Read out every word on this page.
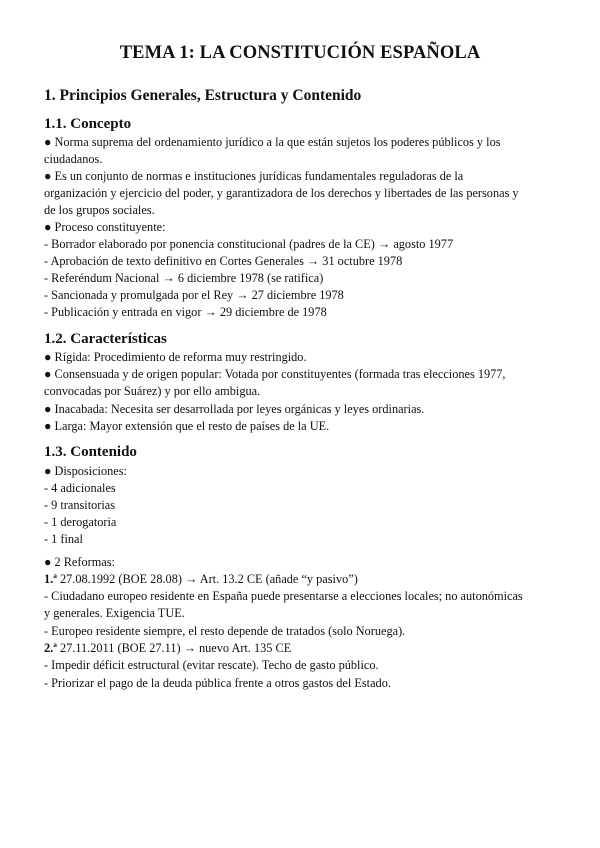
TEMA 1: LA CONSTITUCIÓN ESPAÑOLA
1. Principios Generales, Estructura y Contenido
1.1. Concepto

● Norma suprema del ordenamiento jurídico a la que están sujetos los poderes públicos y los

ciudadanos.

● Es un conjunto de normas e instituciones jurídicas fundamentales reguladoras de la

organización y ejercicio del poder, y garantizadora de los derechos y libertades de las personas y

de los grupos sociales.

● Proceso constituyente:

- Borrador elaborado por ponencia constitucional (padres de la CE) → agosto 1977

- Aprobación de texto definitivo en Cortes Generales → 31 octubre 1978

- Referéndum Nacional → 6 diciembre 1978 (se ratifica)

- Sancionada y promulgada por el Rey → 27 diciembre 1978

- Publicación y entrada en vigor → 29 diciembre de 1978

1.2. Características

● Rígida: Procedimiento de reforma muy restringido.

● Consensuada y de origen popular: Votada por constituyentes (formada tras elecciones 1977,

convocadas por Suárez) y por ello ambigua.

● Inacabada: Necesita ser desarrollada por leyes orgánicas y leyes ordinarias.

● Larga: Mayor extensión que el resto de países de la UE.

1.3. Contenido

● Disposiciones:

- 4 adicionales

- 9 transitorias

- 1 derogatoria

- 1 final

● 2 Reformas:

1.ª 27.08.1992 (BOE 28.08) → Art. 13.2 CE (añade “y pasivo”)

- Ciudadano europeo residente en España puede presentarse a elecciones locales; no autonómicas

y generales. Exigencia TUE.

- Europeo residente siempre, el resto depende de tratados (solo Noruega).

2.ª 27.11.2011 (BOE 27.11) → nuevo Art. 135 CE

- Impedir déficit estructural (evitar rescate). Techo de gasto público.

- Priorizar el pago de la deuda pública frente a otros gastos del Estado.
